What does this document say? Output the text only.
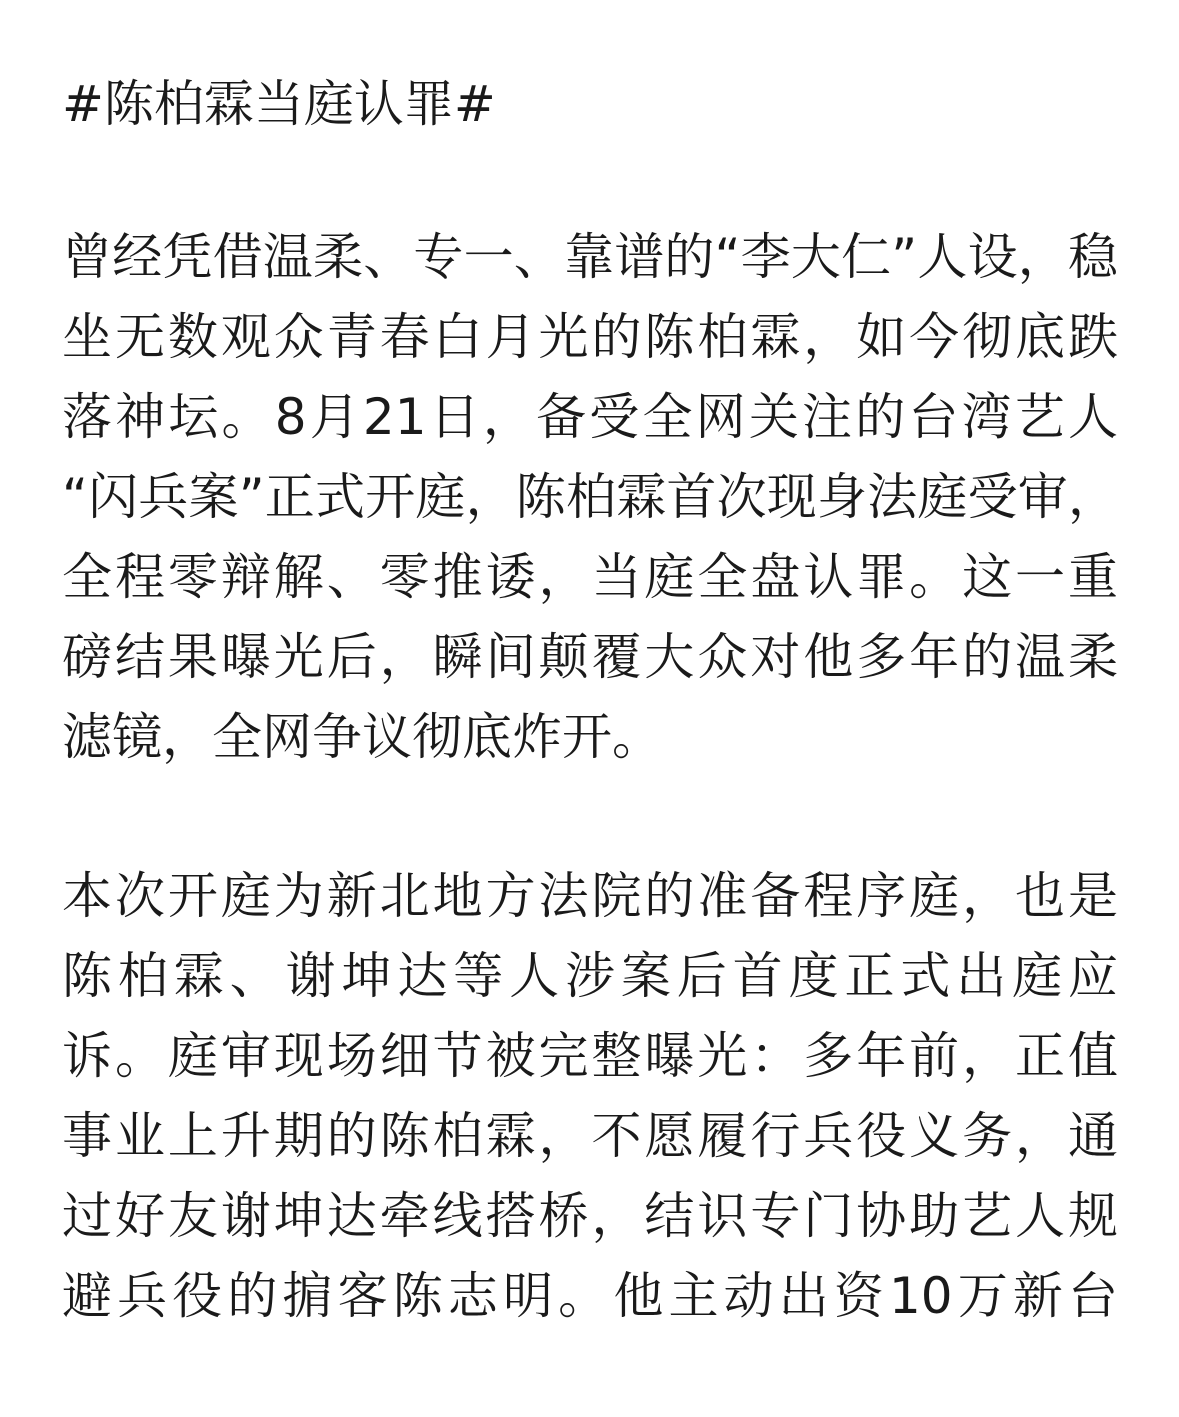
#陈柏霖当庭认罪#
曾经凭借温柔、专一、靠谱的“李大仁”人设，稳
坐无数观众青春白月光的陈柏霖，如今彻底跌
落神坛。8月21日，备受全网关注的台湾艺人
“闪兵案”正式开庭，陈柏霖首次现身法庭受审，
全程零辩解、零推诿，当庭全盘认罪。这一重
磅结果曝光后，瞬间颠覆大众对他多年的温柔
滤镜，全网争议彻底炸开。
本次开庭为新北地方法院的准备程序庭，也是
陈柏霖、谢坤达等人涉案后首度正式出庭应
诉。庭审现场细节被完整曝光：多年前，正值
事业上升期的陈柏霖，不愿履行兵役义务，通
过好友谢坤达牵线搭桥，结识专门协助艺人规
避兵役的掮客陈志明。他主动出资10万新台
